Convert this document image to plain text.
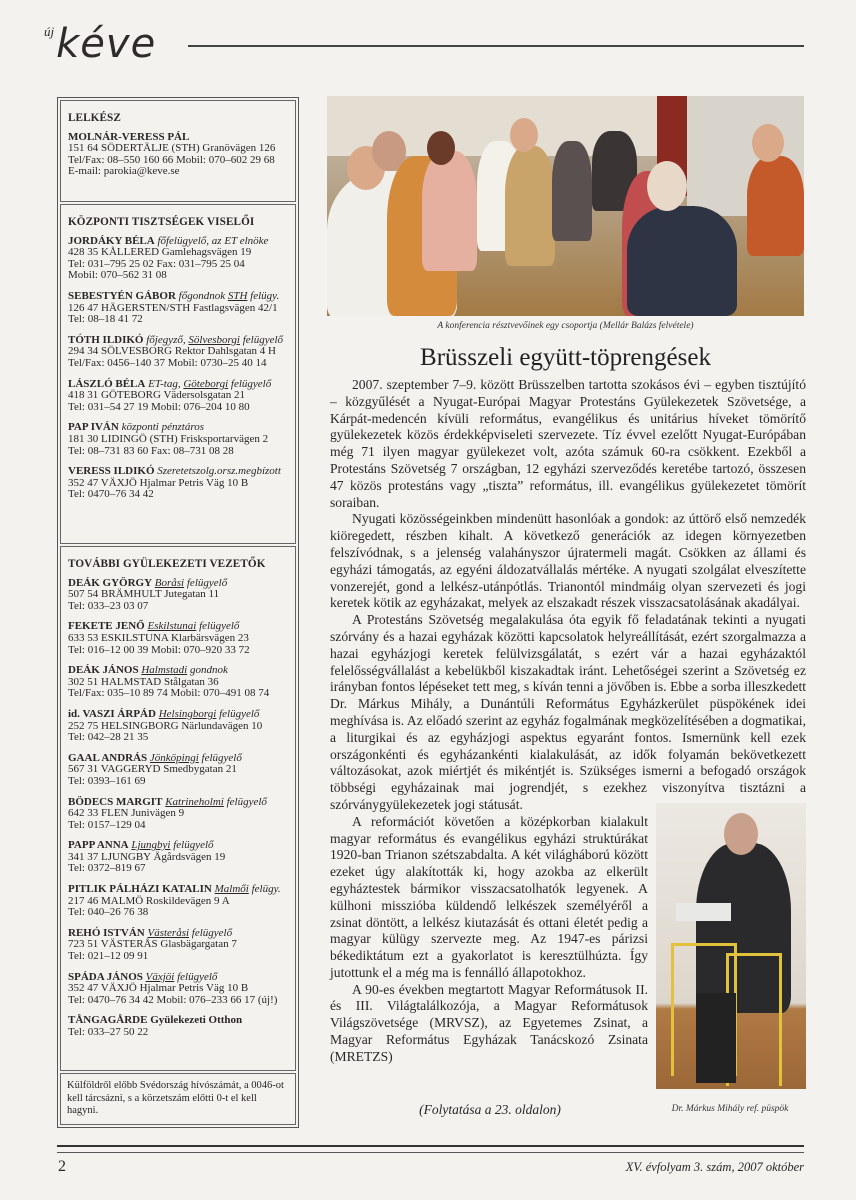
új kéve
LELKÉSZ
MOLNÁR-VERESS PÁL
151 64 SÖDERTÄLJE (STH) Granövägen 126
Tel/Fax: 08–550 160 66 Mobil: 070–602 29 68
E-mail: parokia@keve.se
KÖZPONTI TISZTSÉGEK VISELŐI
JORDÁKY BÉLA főfelügyelő, az ET elnöke
428 35 KÅLLERED Gamlehagsvägen 19
Tel: 031–795 25 02 Fax: 031–795 25 04
Mobil: 070–562 31 08
SEBESTYÉN GÁBOR főgondnok STH felügy.
126 47 HÄGERSTEN/STH Fastlagsvägen 42/1
Tel: 08–18 41 72
TÓTH ILDIKÓ főjegyző, Sölvesborgi felügyelő
294 34 SÖLVESBORG Rektor Dahlsgatan 4 H
Tel/Fax: 0456–140 37 Mobil: 0730–25 40 14
LÁSZLÓ BÉLA ET-tag, Göteborgi felügyelő
418 31 GÖTEBORG Vädersolsgatan 21
Tel: 031–54 27 19 Mobil: 076–204 10 80
PAP IVÁN központi pénztáros
181 30 LIDINGÖ (STH) Frisksportarvägen 2
Tel: 08–731 83 60 Fax: 08–731 08 28
VERESS ILDIKÓ Szeretetszolg.orsz.megbízott
352 47 VÄXJÖ Hjalmar Petris Väg 10 B
Tel: 0470–76 34 42
TOVÁBBI GYÜLEKEZETI VEZETŐK
DEÁK GYÖRGY Boråsi felügyelő
507 54 BRÄMHULT Jutegatan 11
Tel: 033–23 03 07
FEKETE JENŐ Eskilstunai felügyelő
633 53 ESKILSTUNA Klarbärsvägen 23
Tel: 016–12 00 39 Mobil: 070–920 33 72
DEÁK JÁNOS Halmstadi gondnok
302 51 HALMSTAD Stålgatan 36
Tel/Fax: 035–10 89 74 Mobil: 070–491 08 74
id. VASZI ÁRPÁD Helsingborgi felügyelő
252 75 HELSINGBORG Närlundavägen 10
Tel: 042–28 21 35
GAAL ANDRÁS Jönköpingi felügyelő
567 31 VAGGERYD Smedbygatan 21
Tel: 0393–161 69
BÖDECS MARGIT Katrineholmi felügyelő
642 33 FLEN Junivägen 9
Tel: 0157–129 04
PAPP ANNA Ljungbyi felügyelő
341 37 LJUNGBY Ägårdsvägen 19
Tel: 0372–819 67
PITLIK PÁLHÁZI KATALIN Malmői felügy.
217 46 MALMÖ Roskildevägen 9 A
Tel: 040–26 76 38
REHÓ ISTVÁN Västeråsi felügyelő
723 51 VÄSTERÅS Glasbägargatan 7
Tel: 021–12 09 91
SPÁDA JÁNOS Växjöi felügyelő
352 47 VÄXJÖ Hjalmar Petris Väg 10 B
Tel: 0470–76 34 42 Mobil: 076–233 66 17 (új!)
TÅNGAGÅRDE Gyülekezeti Otthon
Tel: 033–27 50 22
Külföldről előbb Svédország hívószámát, a 0046-ot kell tárcsázni, s a körzetszám előtti 0-t el kell hagyni.
A konferencia résztvevőinek egy csoportja (Mellár Balázs felvétele)
Brüsszeli együtt-töprengések

2007. szeptember 7–9. között Brüsszelben tartotta szokásos évi – egyben tisztújító – közgyűlését a Nyugat-Európai Magyar Protestáns Gyülekezetek Szövetsége, a Kárpát-medencén kívüli református, evangélikus és unitárius híveket tömörítő gyülekezetek közös érdekképviseleti szervezete. Tíz évvel ezelőtt Nyugat-Európában még 71 ilyen magyar gyülekezet volt, azóta számuk 60-ra csökkent. Ezekből a Protestáns Szövetség 7 országban, 12 egyházi szerveződés keretébe tartozó, összesen 47 közös protestáns vagy „tiszta” református, ill. evangélikus gyülekezetet tömörít soraiban.

Nyugati közösségeinkben mindenütt hasonlóak a gondok: az úttörő első nemzedék kiöregedett, részben kihalt. A következő generációk az idegen környezetben felszívódnak, s a jelenség valahányszor újratermeli magát. Csökken az állami és egyházi támogatás, az egyéni áldozatvállalás mértéke. A nyugati szolgálat elveszítette vonzerejét, gond a lelkész-utánpótlás. Trianontól mindmáig olyan szervezeti és jogi keretek kötik az egyházakat, melyek az elszakadt részek visszacsatolásának akadályai.

A Protestáns Szövetség megalakulása óta egyik fő feladatának tekinti a nyugati szórvány és a hazai egyházak közötti kapcsolatok helyreállítását, ezért szorgalmazza a hazai egyházjogi keretek felülvizsgálatát, s ezért vár a hazai egyházaktól felelősségvállalást a kebelükből kiszakadtak iránt. Lehetőségei szerint a Szövetség ez irányban fontos lépéseket tett meg, s kíván tenni a jövőben is. Ebbe a sorba illeszkedett Dr. Márkus Mihály, a Dunántúli Református Egyházkerület püspökének idei meghívása is. Az előadó szerint az egyház fogalmának megközelítésében a dogmatikai, a liturgikai és az egyházjogi aspektus egyaránt fontos. Ismernünk kell ezek országonkénti és egyházankénti kialakulását, az idők folyamán bekövetkezett változásokat, azok miértjét és mikéntjét is. Szükséges ismerni a befogadó országok többségi egyházainak mai jogrendjét, s ezekhez viszonyítva tisztázni a szórványgyülekezetek jogi státusát.

A reformációt követően a középkorban kialakult magyar református és evangélikus egyházi struktúrákat 1920-ban Trianon szétszabdalta. A két világháború között ezeket úgy alakították ki, hogy azokba az elkerült egyháztestek bármikor visszacsatolhatók legyenek. A külhoni misszióba küldendő lelkészek személyéről a zsinat döntött, a lelkész kiutazását és ottani életét pedig a magyar külügy szervezte meg. Az 1947-es párizsi békediktátum ezt a gyakorlatot is keresztülhúzta. Így jutottunk el a még ma is fennálló állapotokhoz.

A 90-es években megtartott Magyar Reformátusok II. és III. Világtalálkozója, a Magyar Reformátusok Világszövetsége (MRVSZ), az Egyetemes Zsinat, a Magyar Református Egyházak Tanácskozó Zsinata (MRETZS)

(Folytatása a 23. oldalon)	Dr. Márkus Mihály ref. püspök
2	XV. évfolyam 3. szám, 2007 október
